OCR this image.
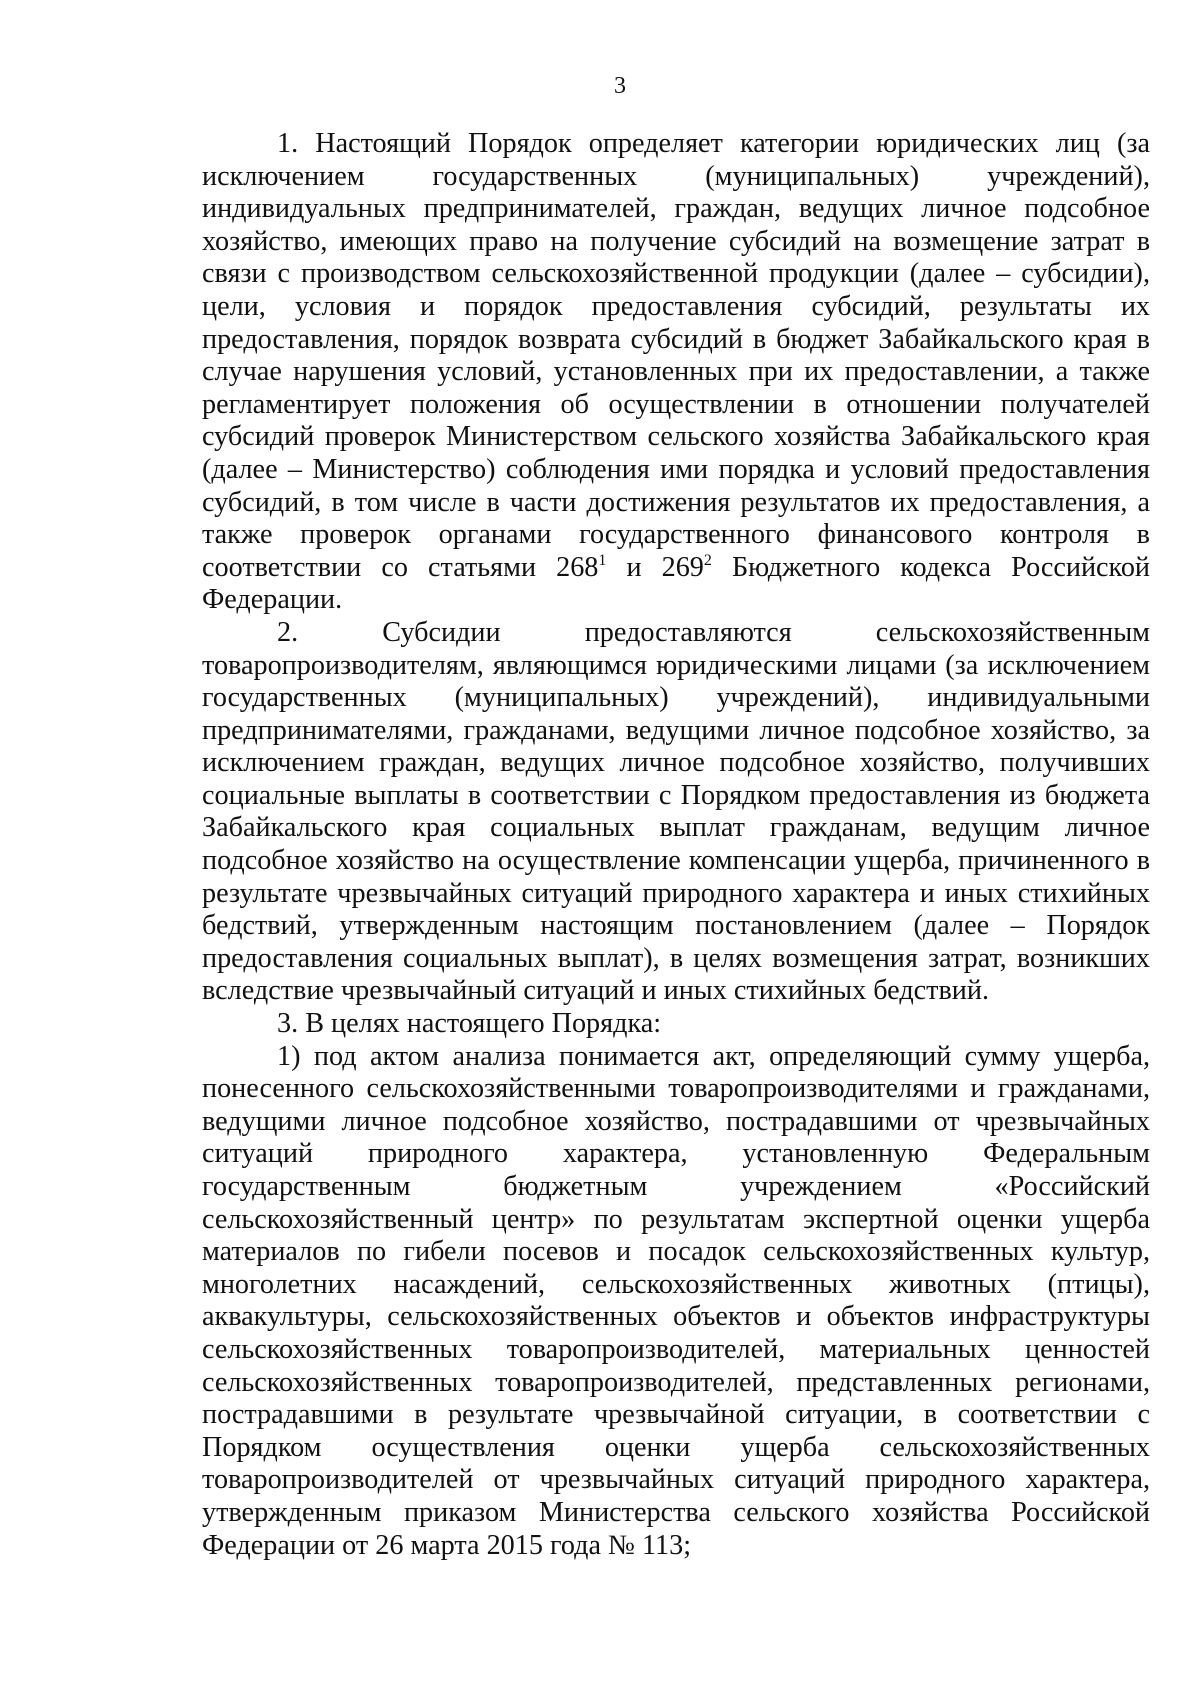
3

1. Настоящий Порядок определяет категории юридических лиц (за исключением государственных (муниципальных) учреждений), индивидуальных предпринимателей, граждан, ведущих личное подсобное хозяйство, имеющих право на получение субсидий на возмещение затрат в связи с производством сельскохозяйственной продукции (далее – субсидии), цели, условия и порядок предоставления субсидий, результаты их предоставления, порядок возврата субсидий в бюджет Забайкальского края в случае нарушения условий, установленных при их предоставлении, а также регламентирует положения об осуществлении в отношении получателей субсидий проверок Министерством сельского хозяйства Забайкальского края (далее – Министерство) соблюдения ими порядка и условий предоставления субсидий, в том числе в части достижения результатов их предоставления, а также проверок органами государственного финансового контроля в соответствии со статьями $268^1$ и $269^2$ Бюджетного кодекса Российской Федерации.

2. Субсидии предоставляются сельскохозяйственным товаропроизводителям, являющимся юридическими лицами (за исключением государственных (муниципальных) учреждений), индивидуальными предпринимателями, гражданами, ведущими личное подсобное хозяйство, за исключением граждан, ведущих личное подсобное хозяйство, получивших социальные выплаты в соответствии с Порядком предоставления из бюджета Забайкальского края социальных выплат гражданам, ведущим личное подсобное хозяйство на осуществление компенсации ущерба, причиненного в результате чрезвычайных ситуаций природного характера и иных стихийных бедствий, утвержденным настоящим постановлением (далее – Порядок предоставления социальных выплат), в целях возмещения затрат, возникших вследствие чрезвычайный ситуаций и иных стихийных бедствий.

3. В целях настоящего Порядка:

1) под актом анализа понимается акт, определяющий сумму ущерба, понесенного сельскохозяйственными товаропроизводителями и гражданами, ведущими личное подсобное хозяйство, пострадавшими от чрезвычайных ситуаций природного характера, установленную Федеральным государственным бюджетным учреждением «Российский сельскохозяйственный центр» по результатам экспертной оценки ущерба материалов по гибели посевов и посадок сельскохозяйственных культур, многолетних насаждений, сельскохозяйственных животных (птицы), аквакультуры, сельскохозяйственных объектов и объектов инфраструктуры сельскохозяйственных товаропроизводителей, материальных ценностей сельскохозяйственных товаропроизводителей, представленных регионами, пострадавшими в результате чрезвычайной ситуации, в соответствии с Порядком осуществления оценки ущерба сельскохозяйственных товаропроизводителей от чрезвычайных ситуаций природного характера, утвержденным приказом Министерства сельского хозяйства Российской Федерации от 26 марта 2015 года № 113;
